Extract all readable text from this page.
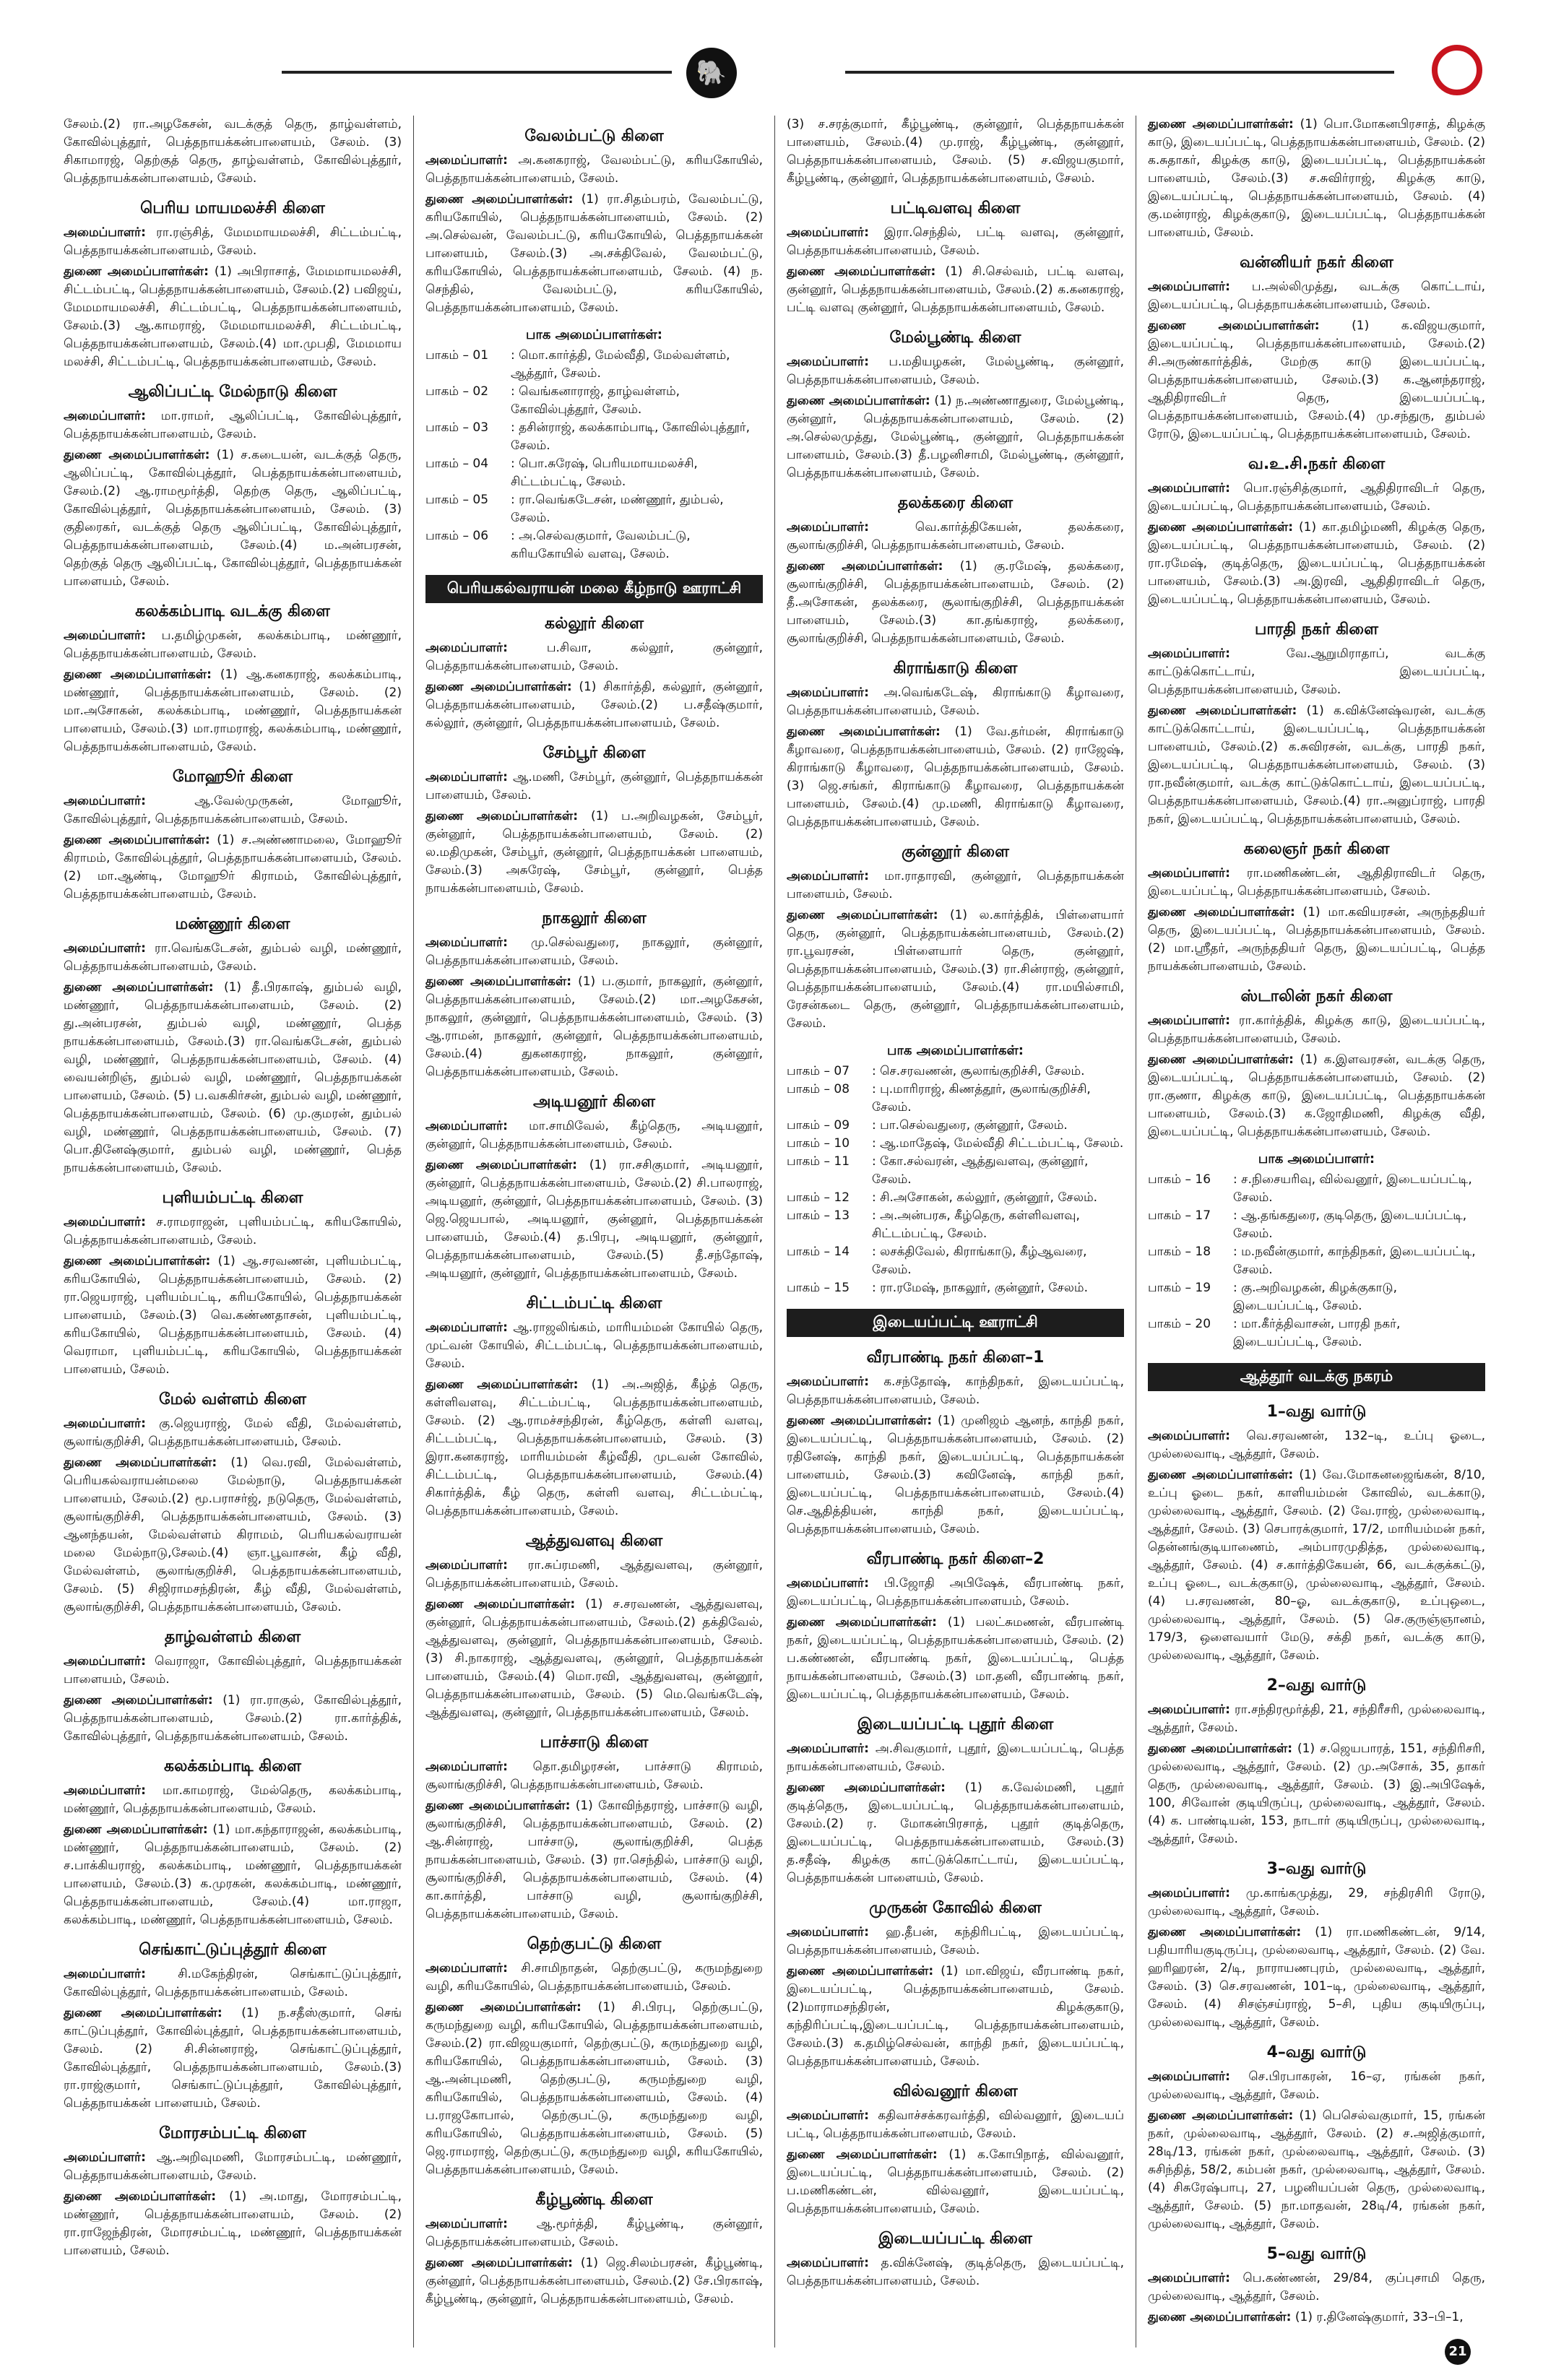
🐘

சேலம்.(2) ரா.அழகேசன், வடக்குத் தெரு, தாழ்வள்ளம், கோவில்புத்தூர், பெத்தநாயக்கன்பாளையம், சேலம். (3) சிகாமாரஜ், தெற்குத் தெரு, தாழ்வள்ளம், கோவில்புத்தூர், பெத்தநாயக்கன்பாளையம், சேலம்.

பெரிய மாயமலச்சி கிளை

அமைப்பாளர்: ரா.ரஞ்சித், மேமமாயமலச்சி, சிட்டம்பட்டி, பெத்தநாயக்கன்பாளையம், சேலம்.

துணை அமைப்பாளர்கள்: (1) அபிராசாத், மேமமாயமலச்சி, சிட்டம்பட்டி, பெத்தநாயக்கன்பாளையம், சேலம்.(2) பவிஜய், மேமமாயமலச்சி, சிட்டம்பட்டி, பெத்தநாயக்கன்பாளையம், சேலம்.(3) ஆ.காமராஜ், மேமமாயமலச்சி, சிட்டம்பட்டி, பெத்தநாயக்கன்பாளையம், சேலம்.(4) மா.முபதி, மேமமாய மலச்சி, சிட்டம்பட்டி, பெத்தநாயக்கன்பாளையம், சேலம்.

ஆலிப்பட்டி மேல்நாடு கிளை

அமைப்பாளர்: மா.ராமர், ஆலிப்பட்டி, கோவில்புத்தூர், பெத்தநாயக்கன்பாளையம், சேலம்.

துணை அமைப்பாளர்கள்: (1) ச.கடையன், வடக்குத் தெரு, ஆலிப்பட்டி, கோவில்புத்தூர், பெத்தநாயக்கன்பாளையம், சேலம்.(2) ஆ.ராமமூர்த்தி, தெற்கு தெரு, ஆலிப்பட்டி, கோவில்புத்தூர், பெத்தநாயக்கன்பாளையம், சேலம். (3) குதிரைகர், வடக்குத் தெரு ஆலிப்பட்டி, கோவில்புத்தூர், பெத்தநாயக்கன்பாளையம், சேலம்.(4) ம.அன்பரசன், தெற்குத் தெரு ஆலிப்பட்டி, கோவில்புத்தூர், பெத்தநாயக்கன் பாளையம், சேலம்.

கலக்கம்பாடி வடக்கு கிளை

அமைப்பாளர்: ப.தமிழ்முகன், கலக்கம்பாடி, மண்ணூர், பெத்தநாயக்கன்பாளையம், சேலம்.

துணை அமைப்பாளர்கள்: (1) ஆ.கனகராஜ், கலக்கம்பாடி, மண்ணூர், பெத்தநாயக்கன்பாளையம், சேலம். (2) மா.அசோகன், கலக்கம்பாடி, மண்ணூர், பெத்தநாயக்கன் பாளையம், சேலம்.(3) மா.ராமராஜ், கலக்கம்பாடி, மண்ணூர், பெத்தநாயக்கன்பாளையம், சேலம்.

மோஹூர் கிளை

அமைப்பாளர்:	ஆ.வேல்முருகன், மோஹூர், கோவில்புத்தூர், பெத்தநாயக்கன்பாளையம், சேலம்.

துணை அமைப்பாளர்கள்: (1) ச.அண்ணாமலை, மோஹூர் கிராமம், கோவில்புத்தூர், பெத்தநாயக்கன்பாளையம், சேலம். (2) மா.ஆண்டி, மோஹூர் கிராமம், கோவில்புத்தூர், பெத்தநாயக்கன்பாளையம், சேலம்.

மண்ணூர் கிளை

அமைப்பாளர்: ரா.வெங்கடேசன், தும்பல் வழி, மண்ணூர், பெத்தநாயக்கன்பாளையம், சேலம்.

துணை அமைப்பாளர்கள்: (1) தீ.பிரகாஷ், தும்பல் வழி, மண்ணூர், பெத்தநாயக்கன்பாளையம், சேலம். (2) து.அன்பரசன், தும்பல் வழி, மண்ணூர், பெத்த நாயக்கன்பாளையம், சேலம்.(3) ரா.வெங்கடேசன், தும்பல் வழி, மண்ணூர், பெத்தநாயக்கன்பாளையம், சேலம். (4) வையன்றிஞ், தும்பல் வழி, மண்ணூர், பெத்தநாயக்கன் பாளையம், சேலம். (5) ப.வசுகிர்சன், தும்பல் வழி, மண்ணூர், பெத்தநாயக்கன்பாளையம், சேலம். (6) மு.குமரன், தும்பல் வழி, மண்ணூர், பெத்தநாயக்கன்பாளையம், சேலம். (7) பொ.தினேஷ்குமார், தும்பல் வழி, மண்ணூர், பெத்த நாயக்கன்பாளையம், சேலம்.

புளியம்பட்டி கிளை

அமைப்பாளர்: ச.ராமராஜன், புளியம்பட்டி, கரியகோயில், பெத்தநாயக்கன்பாளையம், சேலம்.

துணை அமைப்பாளர்கள்: (1) ஆ.சரவணன், புளியம்பட்டி, கரியகோயில், பெத்தநாயக்கன்பாளையம், சேலம். (2) ரா.ஜெயராஜ், புளியம்பட்டி, கரியகோயில், பெத்தநாயக்கன் பாளையம், சேலம்.(3) வெ.கண்ணதாசன், புளியம்பட்டி, கரியகோயில், பெத்தநாயக்கன்பாளையம், சேலம். (4) வெராமா, புளியம்பட்டி, கரியகோயில், பெத்தநாயக்கன் பாளையம், சேலம்.

மேல் வள்ளம் கிளை

அமைப்பாளர்: கு.ஜெயராஜ், மேல் வீதி, மேல்வள்ளம், சூலாங்குறிச்சி, பெத்தநாயக்கன்பாளையம், சேலம்.

துணை அமைப்பாளர்கள்: (1) வெ.ரவி, மேல்வள்ளம், பெரியகல்வராயன்மலை மேல்நாடு, பெத்தநாயக்கன் பாளையம், சேலம்.(2) மூ.பராசர்ஜ், நடுதெரு, மேல்வள்ளம், சூலாங்குறிச்சி, பெத்தநாயக்கன்பாளையம், சேலம். (3) ஆனந்தயன், மேல்வள்ளம் கிராமம், பெரியகல்வராயன் மலை மேல்நாடு,சேலம்.(4) ஞா.பூவாசன், கீழ் வீதி, மேல்வள்ளம், சூலாங்குறிச்சி, பெத்தநாயக்கன்பாளையம், சேலம். (5) சிஜிராமசந்திரன், கீழ் வீதி, மேல்வள்ளம், சூலாங்குறிச்சி, பெத்தநாயக்கன்பாளையம், சேலம்.

தாழ்வள்ளம் கிளை

அமைப்பாளர்: வெராஜா, கோவில்புத்தூர், பெத்தநாயக்கன் பாளையம், சேலம்.

துணை அமைப்பாளர்கள்: (1) ரா.ராகுல், கோவில்புத்தூர், பெத்தநாயக்கன்பாளையம், சேலம்.(2) ரா.கார்த்திக், கோவில்புத்தூர், பெத்தநாயக்கன்பாளையம், சேலம்.

கலக்கம்பாடி கிளை

அமைப்பாளர்: மா.காமராஜ், மேல்தெரு, கலக்கம்பாடி, மண்ணூர், பெத்தநாயக்கன்பாளையம், சேலம்.

துணை அமைப்பாளர்கள்: (1) மா.கந்தாராஜன், கலக்கம்பாடி, மண்ணூர், பெத்தநாயக்கன்பாளையம், சேலம். (2) ச.பாக்கியராஜ், கலக்கம்பாடி, மண்ணூர், பெத்தநாயக்கன் பாளையம், சேலம்.(3) க.முரகன், கலக்கம்பாடி, மண்ணூர், பெத்தநாயக்கன்பாளையம், சேலம்.(4) மா.ராஜா, கலக்கம்பாடி, மண்ணூர், பெத்தநாயக்கன்பாளையம், சேலம்.

செங்காட்டுப்புத்தூர் கிளை

அமைப்பாளர்:	சி.மகேந்திரன், செங்காட்டுப்புத்தூர், கோவில்புத்தூர், பெத்தநாயக்கன்பாளையம், சேலம்.

துணை அமைப்பாளர்கள்: (1) ந.சதீஸ்குமார், செங் காட்டுப்புத்தூர், கோவில்புத்தூர், பெத்தநாயக்கன்பாளையம், சேலம். (2) சி.சின்னராஜ், செங்காட்டுப்புத்தூர், கோவில்புத்தூர், பெத்தநாயக்கன்பாளையம், சேலம்.(3) ரா.ராஜ்குமார், செங்காட்டுப்புத்தூர், கோவில்புத்தூர், பெத்தநாயக்கன் பாளையம், சேலம்.

மோரசம்பட்டி கிளை

அமைப்பாளர்: ஆ.அறிவுமணி, மோரசம்பட்டி, மண்ணூர், பெத்தநாயக்கன்பாளையம், சேலம்.

துணை அமைப்பாளர்கள்: (1) அ.மாது, மோரசம்பட்டி, மண்ணூர், பெத்தநாயக்கன்பாளையம், சேலம். (2) ரா.ராஜேந்திரன், மோரசம்பட்டி, மண்ணூர், பெத்தநாயக்கன் பாளையம், சேலம்.

வேலம்பட்டு கிளை

அமைப்பாளர்: அ.கனகராஜ், வேலம்பட்டு, கரியகோயில், பெத்தநாயக்கன்பாளையம், சேலம்.

துணை அமைப்பாளர்கள்: (1) ரா.சிதம்பரம், வேலம்பட்டு, கரியகோயில், பெத்தநாயக்கன்பாளையம், சேலம். (2) அ.செல்வன், வேலம்பட்டு, கரியகோயில், பெத்தநாயக்கன் பாளையம், சேலம்.(3) அ.சக்திவேல், வேலம்பட்டு, கரியகோயில், பெத்தநாயக்கன்பாளையம், சேலம். (4) ந. செந்தில், வேலம்பட்டு, கரியகோயில், பெத்தநாயக்கன்பாளையம், சேலம்.

பாக அமைப்பாளர்கள்:
பாகம் – 01	: மொ.கார்த்தி, மேல்வீதி, மேல்வள்ளம், ஆத்தூர், சேலம்.
பாகம் – 02	: வெங்கனாராஜ், தாழ்வள்ளம், கோவில்புத்தூர், சேலம்.
பாகம் – 03	: தசின்ராஜ், கலக்காம்பாடி, கோவில்புத்தூர், சேலம்.
பாகம் – 04	: பொ.சுரேஷ், பெரியமாயமலச்சி, சிட்டம்பட்டி, சேலம்.
பாகம் – 05	: ரா.வெங்கடேசன், மண்ணூர், தும்பல், சேலம்.
பாகம் – 06	: அ.செல்வகுமார், வேலம்பட்டு, கரியகோயில் வளவு, சேலம்.
பெரியகல்வராயன் மலை கீழ்நாடு ஊராட்சி
கல்லூர் கிளை

அமைப்பாளர்:	ப.சிவா, கல்லூர், குன்னூர், பெத்தநாயக்கன்பாளையம், சேலம்.

துணை அமைப்பாளர்கள்: (1) சிகார்த்தி, கல்லூர், குன்னூர், பெத்தநாயக்கன்பாளையம், சேலம்.(2) ப.சதீஷ்குமார், கல்லூர், குன்னூர், பெத்தநாயக்கன்பாளையம், சேலம்.

சேம்பூர் கிளை

அமைப்பாளர்: ஆ.மணி, சேம்பூர், குன்னூர், பெத்தநாயக்கன் பாளையம், சேலம்.

துணை அமைப்பாளர்கள்: (1) ப.அறிவழகன், சேம்பூர், குன்னூர், பெத்தநாயக்கன்பாளையம், சேலம். (2) ல.மதிமுகன், சேம்பூர், குன்னூர், பெத்தநாயக்கன் பாளையம், சேலம்.(3) அசுரேஷ், சேம்பூர், குன்னூர், பெத்த நாயக்கன்பாளையம், சேலம்.

நாகலூர் கிளை

அமைப்பாளர்: மு.செல்வதுரை, நாகலூர், குன்னூர், பெத்தநாயக்கன்பாளையம், சேலம்.

துணை அமைப்பாளர்கள்: (1) ப.குமார், நாகலூர், குன்னூர், பெத்தநாயக்கன்பாளையம், சேலம்.(2) மா.அழகேசன், நாகலூர், குன்னூர், பெத்தநாயக்கன்பாளையம், சேலம். (3) ஆ.ராமன், நாகலூர், குன்னூர், பெத்தநாயக்கன்பாளையம், சேலம்.(4) துகனகராஜ், நாகலூர், குன்னூர், பெத்தநாயக்கன்பாளையம், சேலம்.

அடியனூர் கிளை

அமைப்பாளர்: மா.சாமிவேல், கீழ்தெரு, அடியனூர், குன்னூர், பெத்தநாயக்கன்பாளையம், சேலம்.

துணை அமைப்பாளர்கள்: (1) ரா.சசிகுமார், அடியனூர், குன்னூர், பெத்தநாயக்கன்பாளையம், சேலம்.(2) சி.பாலராஜ், அடியனூர், குன்னூர், பெத்தநாயக்கன்பாளையம், சேலம். (3) ஜெ.ஜெயபால், அடியனூர், குன்னூர், பெத்தநாயக்கன் பாளையம், சேலம்.(4) த.பிரபு, அடியனூர், குன்னூர், பெத்தநாயக்கன்பாளையம், சேலம்.(5) தீ.சந்தோஷ், அடியனூர், குன்னூர், பெத்தநாயக்கன்பாளையம், சேலம்.

சிட்டம்பட்டி கிளை

அமைப்பாளர்: ஆ.ராஜலிங்கம், மாரியம்மன் கோயில் தெரு, முட்வன் கோயில், சிட்டம்பட்டி, பெத்தநாயக்கன்பாளையம், சேலம்.

துணை அமைப்பாளர்கள்: (1) அ.அஜித், கீழ்த் தெரு, கள்ளிவளவு, சிட்டம்பட்டி, பெத்தநாயக்கன்பாளையம், சேலம். (2) ஆ.ராமச்சந்திரன், கீழ்தெரு, கள்ளி வளவு, சிட்டம்பட்டி, பெத்தநாயக்கன்பாளையம், சேலம். (3) இரா.கனகராஜ், மாரியம்மன் கீழ்வீதி, முடவன் கோவில், சிட்டம்பட்டி, பெத்தநாயக்கன்பாளையம், சேலம்.(4) சிகார்த்திக், கீழ் தெரு, கள்ளி வளவு, சிட்டம்பட்டி, பெத்தநாயக்கன்பாளையம், சேலம்.

ஆத்துவளவு கிளை

அமைப்பாளர்: ரா.சுப்ரமணி, ஆத்துவளவு, குன்னூர், பெத்தநாயக்கன்பாளையம், சேலம்.

துணை அமைப்பாளர்கள்: (1) ச.சரவணன், ஆத்துவளவு, குன்னூர், பெத்தநாயக்கன்பாளையம், சேலம்.(2) தக்திவேல், ஆத்துவளவு, குன்னூர், பெத்தநாயக்கன்பாளையம், சேலம். (3) சி.நாகராஜ், ஆத்துவளவு, குன்னூர், பெத்தநாயக்கன் பாளையம், சேலம்.(4) மொ.ரவி, ஆத்துவளவு, குன்னூர், பெத்தநாயக்கன்பாளையம், சேலம். (5) மெ.வெங்கடேஷ், ஆத்துவளவு, குன்னூர், பெத்தநாயக்கன்பாளையம், சேலம்.

பாச்சாடு கிளை

அமைப்பாளர்: தொ.தமிழரசன், பாச்சாடு கிராமம், சூலாங்குறிச்சி, பெத்தநாயக்கன்பாளையம், சேலம்.

துணை அமைப்பாளர்கள்: (1) கோவிந்தராஜ், பாச்சாடு வழி, சூலாங்குறிச்சி, பெத்தநாயக்கன்பாளையம், சேலம். (2) ஆ.சின்ராஜ், பாச்சாடு, சூலாங்குறிச்சி, பெத்த நாயக்கன்பாளையம், சேலம். (3) ரா.செந்தில், பாச்சாடு வழி, சூலாங்குறிச்சி, பெத்தநாயக்கன்பாளையம், சேலம். (4) கா.கார்த்தி, பாச்சாடு வழி, சூலாங்குறிச்சி, பெத்தநாயக்கன்பாளையம், சேலம்.

தெற்குபட்டு கிளை

அமைப்பாளர்: சி.சாமிநாதன், தெற்குபட்டு, கருமந்துறை வழி, கரியகோயில், பெத்தநாயக்கன்பாளையம், சேலம்.

துணை அமைப்பாளர்கள்: (1) சி.பிரபு, தெற்குபட்டு, கருமந்துறை வழி, கரியகோயில், பெத்தநாயக்கன்பாளையம், சேலம்.(2) ரா.விஜயகுமார், தெற்குபட்டு, கருமந்துறை வழி, கரியகோயில், பெத்தநாயக்கன்பாளையம், சேலம். (3) ஆ.அன்புமணி, தெற்குபட்டு, கருமந்துறை வழி, கரியகோயில், பெத்தநாயக்கன்பாளையம், சேலம். (4) ப.ராஜகோபால், தெற்குபட்டு, கருமந்துறை வழி, கரியகோயில், பெத்தநாயக்கன்பாளையம், சேலம். (5) ஜெ.ராமராஜ், தெற்குபட்டு, கருமந்துறை வழி, கரியகோயில், பெத்தநாயக்கன்பாளையம், சேலம்.

கீழ்பூண்டி கிளை

அமைப்பாளர்: ஆ.மூர்த்தி, கீழ்பூண்டி, குன்னூர், பெத்தநாயக்கன்பாளையம், சேலம்.

துணை அமைப்பாளர்கள்: (1) ஜெ.சிலம்பரசன், கீழ்பூண்டி, குன்னூர், பெத்தநாயக்கன்பாளையம், சேலம்.(2) சே.பிரகாஷ், கீழ்பூண்டி, குன்னூர், பெத்தநாயக்கன்பாளையம், சேலம்.

(3) ச.சரத்குமார், கீழ்பூண்டி, குன்னூர், பெத்தநாயக்கன் பாளையம், சேலம்.(4) மு.ராஜ், கீழ்பூண்டி, குன்னூர், பெத்தநாயக்கன்பாளையம், சேலம். (5) ச.விஜயகுமார், கீழ்பூண்டி, குன்னூர், பெத்தநாயக்கன்பாளையம், சேலம்.

பட்டிவளவு கிளை

அமைப்பாளர்: இரா.செந்தில், பட்டி வளவு, குன்னூர், பெத்தநாயக்கன்பாளையம், சேலம்.

துணை அமைப்பாளர்கள்: (1) சி.செல்வம், பட்டி வளவு, குன்னூர், பெத்தநாயக்கன்பாளையம், சேலம்.(2) க.கனகராஜ், பட்டி வளவு குன்னூர், பெத்தநாயக்கன்பாளையம், சேலம்.

மேல்பூண்டி கிளை

அமைப்பாளர்: ப.மதியழகன், மேல்பூண்டி, குன்னூர், பெத்தநாயக்கன்பாளையம், சேலம்.

துணை அமைப்பாளர்கள்: (1) ந.அண்ணாதுரை, மேல்பூண்டி, குன்னூர், பெத்தநாயக்கன்பாளையம், சேலம். (2) அ.செல்லமுத்து, மேல்பூண்டி, குன்னூர், பெத்தநாயக்கன் பாளையம், சேலம்.(3) தீ.பழனிசாமி, மேல்பூண்டி, குன்னூர், பெத்தநாயக்கன்பாளையம், சேலம்.

தலக்கரை கிளை

அமைப்பாளர்:	வெ.கார்த்திகேயன், தலக்கரை, சூலாங்குறிச்சி, பெத்தநாயக்கன்பாளையம், சேலம்.

துணை அமைப்பாளர்கள்: (1) கு.ரமேஷ், தலக்கரை, சூலாங்குறிச்சி, பெத்தநாயக்கன்பாளையம், சேலம். (2) தீ.அசோகன், தலக்கரை, சூலாங்குறிச்சி, பெத்தநாயக்கன் பாளையம், சேலம்.(3) கா.தங்கராஜ், தலக்கரை, சூலாங்குறிச்சி, பெத்தநாயக்கன்பாளையம், சேலம்.

கிராங்காடு கிளை

அமைப்பாளர்: அ.வெங்கடேஷ், கிராங்காடு கீழாவரை, பெத்தநாயக்கன்பாளையம், சேலம்.

துணை அமைப்பாளர்கள்: (1) வே.தர்மன், கிராங்காடு கீழாவரை, பெத்தநாயக்கன்பாளையம், சேலம். (2) ராஜேஷ், கிராங்காடு கீழாவரை, பெத்தநாயக்கன்பாளையம், சேலம். (3) ஜெ.சங்கர், கிராங்காடு கீழாவரை, பெத்தநாயக்கன் பாளையம், சேலம்.(4) மு.மணி, கிராங்காடு கீழாவரை, பெத்தநாயக்கன்பாளையம், சேலம்.

குன்னூர் கிளை

அமைப்பாளர்: மா.ராதாரவி, குன்னூர், பெத்தநாயக்கன் பாளையம், சேலம்.

துணை அமைப்பாளர்கள்: (1) ல.கார்த்திக், பிள்ளையார் தெரு, குன்னூர், பெத்தநாயக்கன்பாளையம், சேலம்.(2) ரா.பூவரசன், பிள்ளையார் தெரு, குன்னூர், பெத்தநாயக்கன்பாளையம், சேலம்.(3) ரா.சின்ராஜ், குன்னூர், பெத்தநாயக்கன்பாளையம், சேலம்.(4) ரா.மயில்சாமி, ரேசன்கடை தெரு, குன்னூர், பெத்தநாயக்கன்பாளையம், சேலம்.

பாக அமைப்பாளர்கள்:
பாகம் – 07	: செ.சரவணன், சூலாங்குறிச்சி, சேலம்.
பாகம் – 08	: பு.மாரிராஜ், கிணத்தூர், சூலாங்குறிச்சி, சேலம்.
பாகம் – 09	: பா.செல்வதுரை, குன்னூர், சேலம்.
பாகம் – 10	: ஆ.மாதேஷ், மேல்வீதி சிட்டம்பட்டி, சேலம்.
பாகம் – 11	: கோ.சல்வரன், ஆத்துவளவு, குன்னூர், சேலம்.
பாகம் – 12	: சி.அசோகன், கல்லூர், குன்னூர், சேலம்.
பாகம் – 13	: அ.அன்பரசு, கீழ்தெரு, கள்ளிவளவு, சிட்டம்பட்டி, சேலம்.
பாகம் – 14	: லசக்திவேல், கிராங்காடு, கீழ்ஆவரை, சேலம்.
பாகம் – 15	: ரா.ரமேஷ், நாகலூர், குன்னூர், சேலம்.
இடையப்பட்டி ஊராட்சி
வீரபாண்டி நகர் கிளை–1

அமைப்பாளர்: க.சந்தோஷ், காந்திநகர், இடையப்பட்டி, பெத்தநாயக்கன்பாளையம், சேலம்.

துணை அமைப்பாளர்கள்: (1) முனிஜம் ஆனந், காந்தி நகர், இடையப்பட்டி, பெத்தநாயக்கன்பாளையம், சேலம். (2) ரதினேஷ், காந்தி நகர், இடையப்பட்டி, பெத்தநாயக்கன் பாளையம், சேலம்.(3) கவினேஷ், காந்தி நகர், இடையப்பட்டி, பெத்தநாயக்கன்பாளையம், சேலம்.(4) செ.ஆதித்தியன், காந்தி நகர், இடையப்பட்டி, பெத்தநாயக்கன்பாளையம், சேலம்.

வீரபாண்டி நகர் கிளை–2

அமைப்பாளர்: பி.ஜோதி அபிஷேக், வீரபாண்டி நகர், இடையப்பட்டி, பெத்தநாயக்கன்பாளையம், சேலம்.

துணை அமைப்பாளர்கள்: (1) பலட்சுமணன், வீரபாண்டி நகர், இடையப்பட்டி, பெத்தநாயக்கன்பாளையம், சேலம். (2) ப.கண்ணன், வீரபாண்டி நகர், இடையப்பட்டி, பெத்த நாயக்கன்பாளையம், சேலம்.(3) மா.தனி, வீரபாண்டி நகர், இடையப்பட்டி, பெத்தநாயக்கன்பாளையம், சேலம்.

இடையப்பட்டி புதூர் கிளை

அமைப்பாளர்: அ.சிவகுமார், புதூர், இடையப்பட்டி, பெத்த நாயக்கன்பாளையம், சேலம்.

துணை அமைப்பாளர்கள்: (1) க.வேல்மணி, புதூர் குடித்தெரு, இடையப்பட்டி, பெத்தநாயக்கன்பாளையம், சேலம்.(2) ர. மோகன்பிரசாத், புதூர் குடித்தெரு, இடையப்பட்டி, பெத்தநாயக்கன்பாளையம், சேலம்.(3) த.சதீஷ், கிழக்கு காட்டுக்கொட்டாய், இடையப்பட்டி, பெத்தநாயக்கன் பாளையம், சேலம்.

முருகன் கோவில் கிளை

அமைப்பாளர்: ஹ.தீபன், கந்திரிபட்டி, இடையப்பட்டி, பெத்தநாயக்கன்பாளையம், சேலம்.

துணை அமைப்பாளர்கள்: (1) மா.விஜய், வீரபாண்டி நகர், இடையப்பட்டி, பெத்தநாயக்கன்பாளையம், சேலம். (2)மாராமசந்திரன், கிழக்குகாடு, கந்திரிப்பட்டி,இடையப்பட்டி, பெத்தநாயக்கன்பாளையம், சேலம்.(3) க.தமிழ்செல்வன், காந்தி நகர், இடையப்பட்டி, பெத்தநாயக்கன்பாளையம், சேலம்.

வில்வனூர் கிளை

அமைப்பாளர்: கதிவாச்சக்கரவர்த்தி, வில்வனூர், இடையப் பட்டி, பெத்தநாயக்கன்பாளையம், சேலம்.

துணை அமைப்பாளர்கள்: (1) க.கோபிநாத், வில்வனூர், இடையப்பட்டி, பெத்தநாயக்கன்பாளையம், சேலம். (2) ப.மணிகண்டன், வில்வனூர், இடையப்பட்டி, பெத்தநாயக்கன்பாளையம், சேலம்.

இடையப்பட்டி கிளை

அமைப்பாளர்: த.விக்னேஷ், குடித்தெரு, இடையப்பட்டி, பெத்தநாயக்கன்பாளையம், சேலம்.

துணை அமைப்பாளர்கள்: (1) பொ.மோகனபிரசாத், கிழக்கு காடு, இடையப்பட்டி, பெத்தநாயக்கன்பாளையம், சேலம். (2) க.சுதாகர், கிழக்கு காடு, இடையப்பட்டி, பெத்தநாயக்கன் பாளையம், சேலம்.(3) ச.சுவிர்ராஜ், கிழக்கு காடு, இடையப்பட்டி, பெத்தநாயக்கன்பாளையம், சேலம். (4) கு.மன்ராஜ், கிழக்குகாடு, இடையப்பட்டி, பெத்தநாயக்கன் பாளையம், சேலம்.

வன்னியர் நகர் கிளை

அமைப்பாளர்: ப.அல்லிமுத்து, வடக்கு கொட்டாய், இடையப்பட்டி, பெத்தநாயக்கன்பாளையம், சேலம்.

துணை அமைப்பாளர்கள்:	(1) க.விஜயகுமார், இடையப்பட்டி, பெத்தநாயக்கன்பாளையம், சேலம்.(2) சி.அருண்கார்த்திக், மேற்கு காடு இடையப்பட்டி, பெத்தநாயக்கன்பாளையம், சேலம்.(3) க.ஆனந்தராஜ், ஆதிதிராவிடர் தெரு, இடையப்பட்டி, பெத்தநாயக்கன்பாளையம், சேலம்.(4) மு.சந்துரு, தும்பல் ரோடு, இடையப்பட்டி, பெத்தநாயக்கன்பாளையம், சேலம்.

வ.உ.சி.நகர் கிளை

அமைப்பாளர்: பொ.ரஞ்சித்குமார், ஆதிதிராவிடர் தெரு, இடையப்பட்டி, பெத்தநாயக்கன்பாளையம், சேலம்.

துணை அமைப்பாளர்கள்: (1) கா.தமிழ்மணி, கிழக்கு தெரு, இடையப்பட்டி, பெத்தநாயக்கன்பாளையம், சேலம். (2) ரா.ரமேஷ், குடித்தெரு, இடையப்பட்டி, பெத்தநாயக்கன் பாளையம், சேலம்.(3) அ.இரவி, ஆதிதிராவிடர் தெரு, இடையப்பட்டி, பெத்தநாயக்கன்பாளையம், சேலம்.

பாரதி நகர் கிளை

அமைப்பாளர்:	வே.ஆறுமிராதாப், வடக்கு காட்டுக்கொட்டாய், இடையப்பட்டி, பெத்தநாயக்கன்பாளையம், சேலம்.

துணை அமைப்பாளர்கள்: (1) க.விக்னேஷ்வரன், வடக்கு காட்டுக்கொட்டாய், இடையப்பட்டி, பெத்தநாயக்கன் பாளையம், சேலம்.(2) க.சுவிரசன், வடக்கு, பாரதி நகர், இடையப்பட்டி, பெத்தநாயக்கன்பாளையம், சேலம். (3) ரா.நவீன்குமார், வடக்கு காட்டுக்கொட்டாய், இடையப்பட்டி, பெத்தநாயக்கன்பாளையம், சேலம்.(4) ரா.அனுப்ராஜ், பாரதி நகர், இடையப்பட்டி, பெத்தநாயக்கன்பாளையம், சேலம்.

கலைஞர் நகர் கிளை

அமைப்பாளர்: ரா.மணிகண்டன், ஆதிதிராவிடர் தெரு, இடையப்பட்டி, பெத்தநாயக்கன்பாளையம், சேலம்.

துணை அமைப்பாளர்கள்: (1) மா.கவியரசன், அருந்ததியர் தெரு, இடையப்பட்டி, பெத்தநாயக்கன்பாளையம், சேலம். (2) மா.ஸ்ரீதர், அருந்ததியர் தெரு, இடையப்பட்டி, பெத்த நாயக்கன்பாளையம், சேலம்.

ஸ்டாலின் நகர் கிளை

அமைப்பாளர்: ரா.கார்த்திக், கிழக்கு காடு, இடையப்பட்டி, பெத்தநாயக்கன்பாளையம், சேலம்.

துணை அமைப்பாளர்கள்: (1) க.இளவரசன், வடக்கு தெரு, இடையப்பட்டி, பெத்தநாயக்கன்பாளையம், சேலம். (2) ரா.குணா, கிழக்கு காடு, இடையப்பட்டி, பெத்தநாயக்கன் பாளையம், சேலம்.(3) க.ஜோதிமணி, கிழக்கு வீதி, இடையப்பட்டி, பெத்தநாயக்கன்பாளையம், சேலம்.

பாக அமைப்பாளர்:
பாகம் – 16	: ச.நிசையரிவு, வில்வனூர், இடையப்பட்டி, சேலம்.
பாகம் – 17	: ஆ.தங்கதுரை, குடிதெரு, இடையப்பட்டி, சேலம்.
பாகம் – 18	: ம.நவீன்குமார், காந்திநகர், இடையப்பட்டி, சேலம்.
பாகம் – 19	: கு.அறிவழகன், கிழக்குகாடு, இடையப்பட்டி, சேலம்.
பாகம் – 20	: மா.கீர்த்திவாசன், பாரதி நகர், இடையப்பட்டி, சேலம்.
ஆத்தூர் வடக்கு நகரம்
1–வது வார்டு

அமைப்பாளர்: வெ.சரவணன், 132–டி, உப்பு ஓடை, முல்லைவாடி, ஆத்தூர், சேலம்.

துணை அமைப்பாளர்கள்: (1) வே.மோகனஜைங்கன், 8/10, உப்பு ஓடை நகர், காளியம்மன் கோவில், வடக்காடு, முல்லைவாடி, ஆத்தூர், சேலம். (2) வே.ராஜ், முல்லைவாடி, ஆத்தூர், சேலம். (3) செபாரக்குமார், 17/2, மாரியம்மன் நகர், தென்னங்குடியாணைம், அம்பாரமுதித்த, முல்லைவாடி, ஆத்தூர், சேலம். (4) ச.கார்த்திகேயன், 66, வடக்குக்கட்டு, உப்பு ஓடை, வடக்குகாடு, முல்லைவாடி, ஆத்தூர், சேலம். (4) ப.சரவணன், 80–ஓ, வடக்குகாடு, உப்புஒடை, முல்லைவாடி, ஆத்தூர், சேலம். (5) செ.குருஞ்ஞானம், 179/3, ஒளைவயார் மேடு, சக்தி நகர், வடக்கு காடு, முல்லைவாடி, ஆத்தூர், சேலம்.

2–வது வார்டு

அமைப்பாளர்: ரா.சந்திரமூர்த்தி, 21, சந்திரீசரி, முல்லைவாடி, ஆத்தூர், சேலம்.

துணை அமைப்பாளர்கள்: (1) ச.ஜெயபாரத், 151, சந்திரிசரி, முல்லைவாடி, ஆத்தூர், சேலம். (2) மு.அசோக், 35, தாகர் தெரு, முல்லைவாடி, ஆத்தூர், சேலம். (3) இ.அபிஷேக், 100, சிவோன் குடியிருப்பு, முல்லைவாடி, ஆத்தூர், சேலம். (4) க. பாண்டியன், 153, நாடார் குடியிருப்பு, முல்லைவாடி, ஆத்தூர், சேலம்.

3–வது வார்டு

அமைப்பாளர்: மு.காங்கமுத்து, 29, சந்திரசிரி ரோடு, முல்லைவாடி, ஆத்தூர், சேலம்.

துணை அமைப்பாளர்கள்: (1) ரா.மணிகண்டன், 9/14, பதியாரியகுடிருப்பு, முல்லைவாடி, ஆத்தூர், சேலம். (2) வே. ஹரிஹரன், 2/டி, நாராயணபுரம், முல்லைவாடி, ஆத்தூர், சேலம். (3) செ.சரவணன், 101–டி, முல்லைவாடி, ஆத்தூர், சேலம். (4) சிசஞ்சய்ராஜ், 5–சி, புதிய குடியிருப்பு, முல்லைவாடி, ஆத்தூர், சேலம்.

4–வது வார்டு

அமைப்பாளர்: செ.பிரபாகரன், 16–ஏ, ரங்கன் நகர், முல்லைவாடி, ஆத்தூர், சேலம்.

துணை அமைப்பாளர்கள்: (1) பெசெல்வகுமார், 15, ரங்கன் நகர், முல்லைவாடி, ஆத்தூர், சேலம். (2) ச.அஜித்குமார், 28டி/13, ரங்கன் நகர், முல்லைவாடி, ஆத்தூர், சேலம். (3) சுசிந்தித், 58/2, கம்பன் நகர், முல்லைவாடி, ஆத்தூர், சேலம். (4) சிசுரேஷ்பாபு, 27, பழனியப்பன் தெரு, முல்லைவாடி, ஆத்தூர், சேலம். (5) நா.மாதவன், 28டி/4, ரங்கன் நகர், முல்லைவாடி, ஆத்தூர், சேலம்.

5–வது வார்டு

அமைப்பாளர்: பெ.கண்ணன், 29/84, குப்புசாமி தெரு, முல்லைவாடி, ஆத்தூர், சேலம்.

துணை அமைப்பாளர்கள்: (1) ர.தினேஷ்குமார், 33–பி–1,

21
